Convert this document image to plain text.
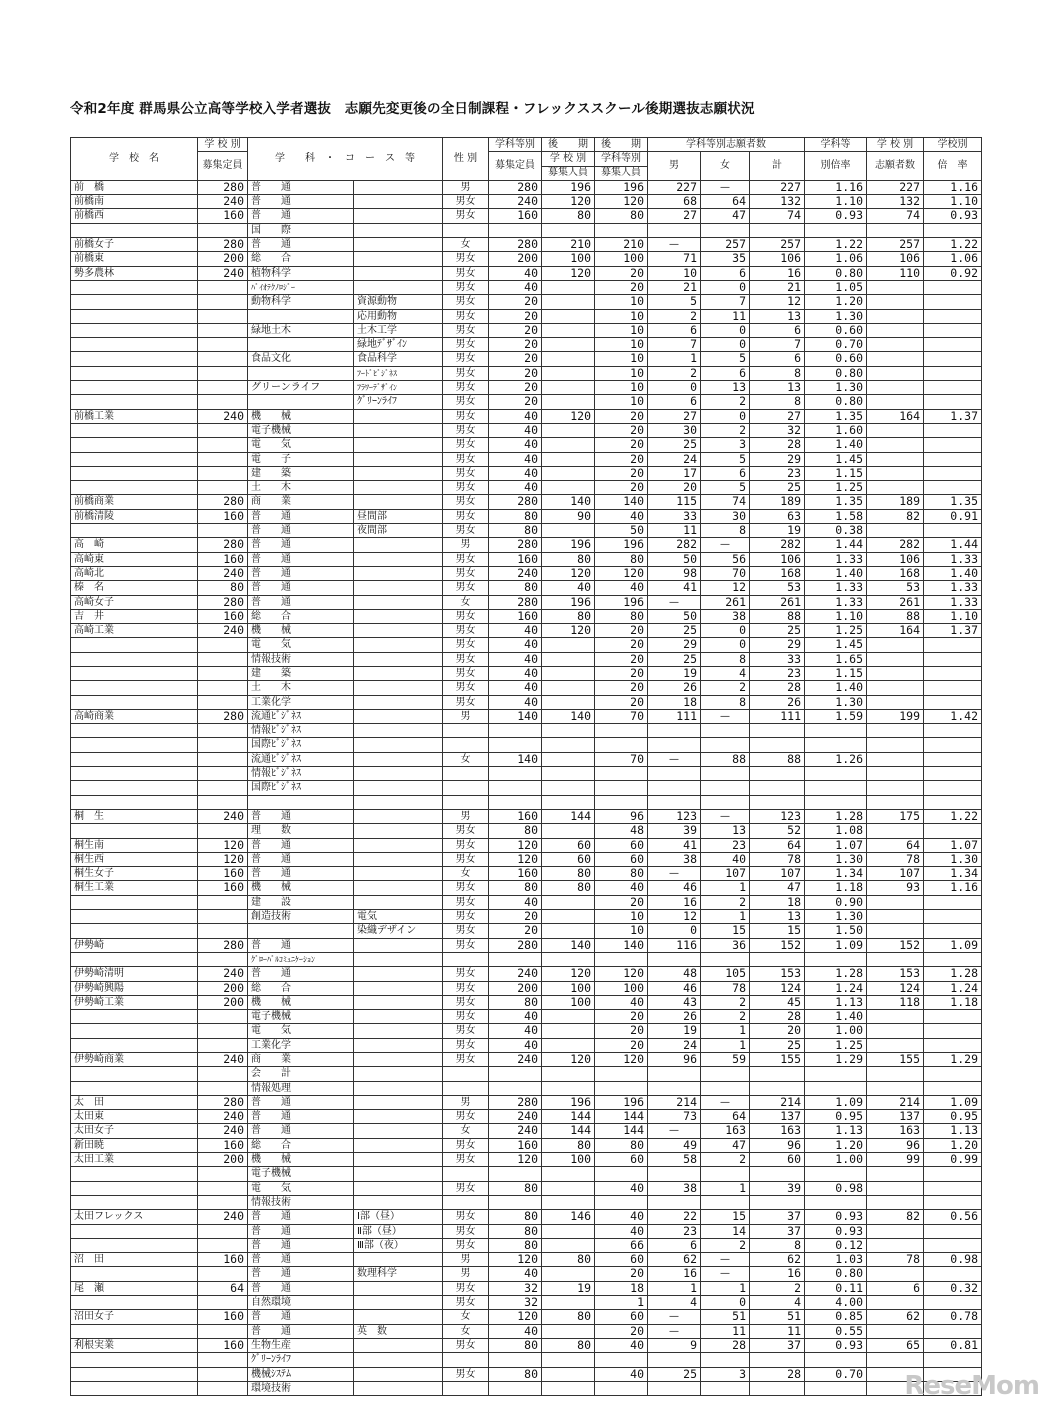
令和2年度 群馬県公立高等学校入学者選抜　志願先変更後の全日制課程・フレックススクール後期選抜志願状況
学　校　名	学 校 別	学　　科　・　コ　ー　ス　等		性 別	学科等別	後　　期	後　　期	学科等別志願者数			学科等	学 校 別	学校別
	募集定員				募集定員	学 校 別	学科等別	男	女	計	別倍率	志願者数	倍　率
						募集人員	募集人員						
前　橋	280	普　　通		男	280	196	196	227	—	227	1.16	227	1.16
前橋南	240	普　　通		男女	240	120	120	68	64	132	1.10	132	1.10
前橋西	160	普　　通		男女	160	80	80	27	47	74	0.93	74	0.93
		国　　際											
前橋女子	280	普　　通		女	280	210	210	—	257	257	1.22	257	1.22
前橋東	200	総　　合		男女	200	100	100	71	35	106	1.06	106	1.06
勢多農林	240	植物科学		男女	40	120	20	10	6	16	0.80	110	0.92
		ﾊﾞｲｵﾃｸﾉﾛｼﾞｰ		男女	40		20	21	0	21	1.05		
		動物科学	資源動物	男女	20		10	5	7	12	1.20		
			応用動物	男女	20		10	2	11	13	1.30		
		緑地土木	土木工学	男女	20		10	6	0	6	0.60		
			緑地ﾃﾞｻﾞｲﾝ	男女	20		10	7	0	7	0.70		
		食品文化	食品科学	男女	20		10	1	5	6	0.60		
			ﾌｰﾄﾞﾋﾞｼﾞﾈｽ	男女	20		10	2	6	8	0.80		
		グリーンライフ	ﾌﾗﾜｰﾃﾞｻﾞｲﾝ	男女	20		10	0	13	13	1.30		
			ｸﾞﾘｰﾝﾗｲﾌ	男女	20		10	6	2	8	0.80		
前橋工業	240	機　　械		男女	40	120	20	27	0	27	1.35	164	1.37
		電子機械		男女	40		20	30	2	32	1.60		
		電　　気		男女	40		20	25	3	28	1.40		
		電　　子		男女	40		20	24	5	29	1.45		
		建　　築		男女	40		20	17	6	23	1.15		
		土　　木		男女	40		20	20	5	25	1.25		
前橋商業	280	商　　業		男女	280	140	140	115	74	189	1.35	189	1.35
前橋清陵	160	普　　通	昼間部	男女	80	90	40	33	30	63	1.58	82	0.91
		普　　通	夜間部	男女	80		50	11	8	19	0.38		
高　崎	280	普　　通		男	280	196	196	282	—	282	1.44	282	1.44
高崎東	160	普　　通		男女	160	80	80	50	56	106	1.33	106	1.33
高崎北	240	普　　通		男女	240	120	120	98	70	168	1.40	168	1.40
榛　名	80	普　　通		男女	80	40	40	41	12	53	1.33	53	1.33
高崎女子	280	普　　通		女	280	196	196	—	261	261	1.33	261	1.33
吉　井	160	総　　合		男女	160	80	80	50	38	88	1.10	88	1.10
高崎工業	240	機　　械		男女	40	120	20	25	0	25	1.25	164	1.37
		電　　気		男女	40		20	29	0	29	1.45		
		情報技術		男女	40		20	25	8	33	1.65		
		建　　築		男女	40		20	19	4	23	1.15		
		土　　木		男女	40		20	26	2	28	1.40		
		工業化学		男女	40		20	18	8	26	1.30		
高崎商業	280	流通ﾋﾞｼﾞﾈｽ		男	140	140	70	111	—	111	1.59	199	1.42
		情報ﾋﾞｼﾞﾈｽ											
		国際ﾋﾞｼﾞﾈｽ											
		流通ﾋﾞｼﾞﾈｽ		女	140		70	—	88	88	1.26		
		情報ﾋﾞｼﾞﾈｽ											
		国際ﾋﾞｼﾞﾈｽ											

桐　生	240	普　　通		男	160	144	96	123	—	123	1.28	175	1.22
		理　　数		男女	80		48	39	13	52	1.08		
桐生南	120	普　　通		男女	120	60	60	41	23	64	1.07	64	1.07
桐生西	120	普　　通		男女	120	60	60	38	40	78	1.30	78	1.30
桐生女子	160	普　　通		女	160	80	80	—	107	107	1.34	107	1.34
桐生工業	160	機　　械		男女	80	80	40	46	1	47	1.18	93	1.16
		建　　設		男女	40		20	16	2	18	0.90		
		創造技術	電気	男女	20		10	12	1	13	1.30		
			染織デザイン	男女	20		10	0	15	15	1.50		
伊勢崎	280	普　　通		男女	280	140	140	116	36	152	1.09	152	1.09
		ｸﾞﾛｰﾊﾞﾙｺﾐｭﾆｹｰｼｮﾝ											
伊勢崎清明	240	普　　通		男女	240	120	120	48	105	153	1.28	153	1.28
伊勢崎興陽	200	総　　合		男女	200	100	100	46	78	124	1.24	124	1.24
伊勢崎工業	200	機　　械		男女	80	100	40	43	2	45	1.13	118	1.18
		電子機械		男女	40		20	26	2	28	1.40		
		電　　気		男女	40		20	19	1	20	1.00		
		工業化学		男女	40		20	24	1	25	1.25		
伊勢崎商業	240	商　　業		男女	240	120	120	96	59	155	1.29	155	1.29
		会　　計											
		情報処理											
太　田	280	普　　通		男	280	196	196	214	—	214	1.09	214	1.09
太田東	240	普　　通		男女	240	144	144	73	64	137	0.95	137	0.95
太田女子	240	普　　通		女	240	144	144	—	163	163	1.13	163	1.13
新田暁	160	総　　合		男女	160	80	80	49	47	96	1.20	96	1.20
太田工業	200	機　　械		男女	120	100	60	58	2	60	1.00	99	0.99
		電子機械											
		電　　気		男女	80		40	38	1	39	0.98		
		情報技術											
太田フレックス	240	普　　通	Ⅰ部（昼）	男女	80	146	40	22	15	37	0.93	82	0.56
		普　　通	Ⅱ部（昼）	男女	80		40	23	14	37	0.93		
		普　　通	Ⅲ部（夜）	男女	80		66	6	2	8	0.12		
沼　田	160	普　　通		男	120	80	60	62	—	62	1.03	78	0.98
		普　　通	数理科学	男	40		20	16	—	16	0.80		
尾　瀬	64	普　　通		男女	32	19	18	1	1	2	0.11	6	0.32
		自然環境		男女	32		1	4	0	4	4.00		
沼田女子	160	普　　通		女	120	80	60	—	51	51	0.85	62	0.78
		普　　通	英　数	女	40		20	—	11	11	0.55		
利根実業	160	生物生産		男女	80	80	40	9	28	37	0.93	65	0.81
		ｸﾞﾘｰﾝﾗｲﾌ											
		機械ｼｽﾃﾑ		男女	80		40	25	3	28	0.70		
		環境技術												ReseMom
